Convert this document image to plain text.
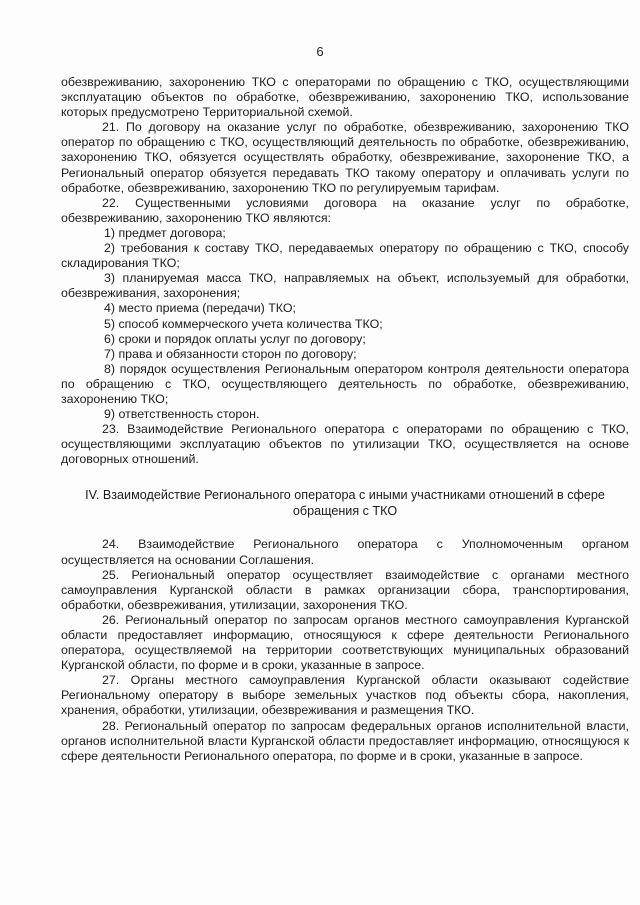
6

обезвреживанию, захоронению ТКО с операторами по обращению с ТКО, осуществляющими эксплуатацию объектов по обработке, обезвреживанию, захоронению ТКО, использование которых предусмотрено Территориальной схемой.

21. По договору на оказание услуг по обработке, обезвреживанию, захоронению ТКО оператор по обращению с ТКО, осуществляющий деятельность по обработке, обезвреживанию, захоронению ТКО, обязуется осуществлять обработку, обезвреживание, захоронение ТКО, а Региональный оператор обязуется передавать ТКО такому оператору и оплачивать услуги по обработке, обезвреживанию, захоронению ТКО по регулируемым тарифам.

22. Существенными условиями договора на оказание услуг по обработке, обезвреживанию, захоронению ТКО являются:

1) предмет договора;

2) требования к составу ТКО, передаваемых оператору по обращению с ТКО, способу складирования ТКО;

3) планируемая масса ТКО, направляемых на объект, используемый для обработки, обезвреживания, захоронения;

4) место приема (передачи) ТКО;

5) способ коммерческого учета количества ТКО;

6) сроки и порядок оплаты услуг по договору;

7) права и обязанности сторон по договору;

8) порядок осуществления Региональным оператором контроля деятельности оператора по обращению с ТКО, осуществляющего деятельность по обработке, обезвреживанию, захоронению ТКО;

9) ответственность сторон.

23. Взаимодействие Регионального оператора с операторами по обращению с ТКО, осуществляющими эксплуатацию объектов по утилизации ТКО, осуществляется на основе договорных отношений.

IV. Взаимодействие Регионального оператора с иными участниками отношений в сфере обращения с ТКО

24. Взаимодействие Регионального оператора с Уполномоченным органом осуществляется на основании Соглашения.

25. Региональный оператор осуществляет взаимодействие с органами местного самоуправления Курганской области в рамках организации сбора, транспортирования, обработки, обезвреживания, утилизации, захоронения ТКО.

26. Региональный оператор по запросам органов местного самоуправления Курганской области предоставляет информацию, относящуюся к сфере деятельности Регионального оператора, осуществляемой на территории соответствующих муниципальных образований Курганской области, по форме и в сроки, указанные в запросе.

27. Органы местного самоуправления Курганской области оказывают содействие Региональному оператору в выборе земельных участков под объекты сбора, накопления, хранения, обработки, утилизации, обезвреживания и размещения ТКО.

28. Региональный оператор по запросам федеральных органов исполнительной власти, органов исполнительной власти Курганской области предоставляет информацию, относящуюся к сфере деятельности Регионального оператора, по форме и в сроки, указанные в запросе.
